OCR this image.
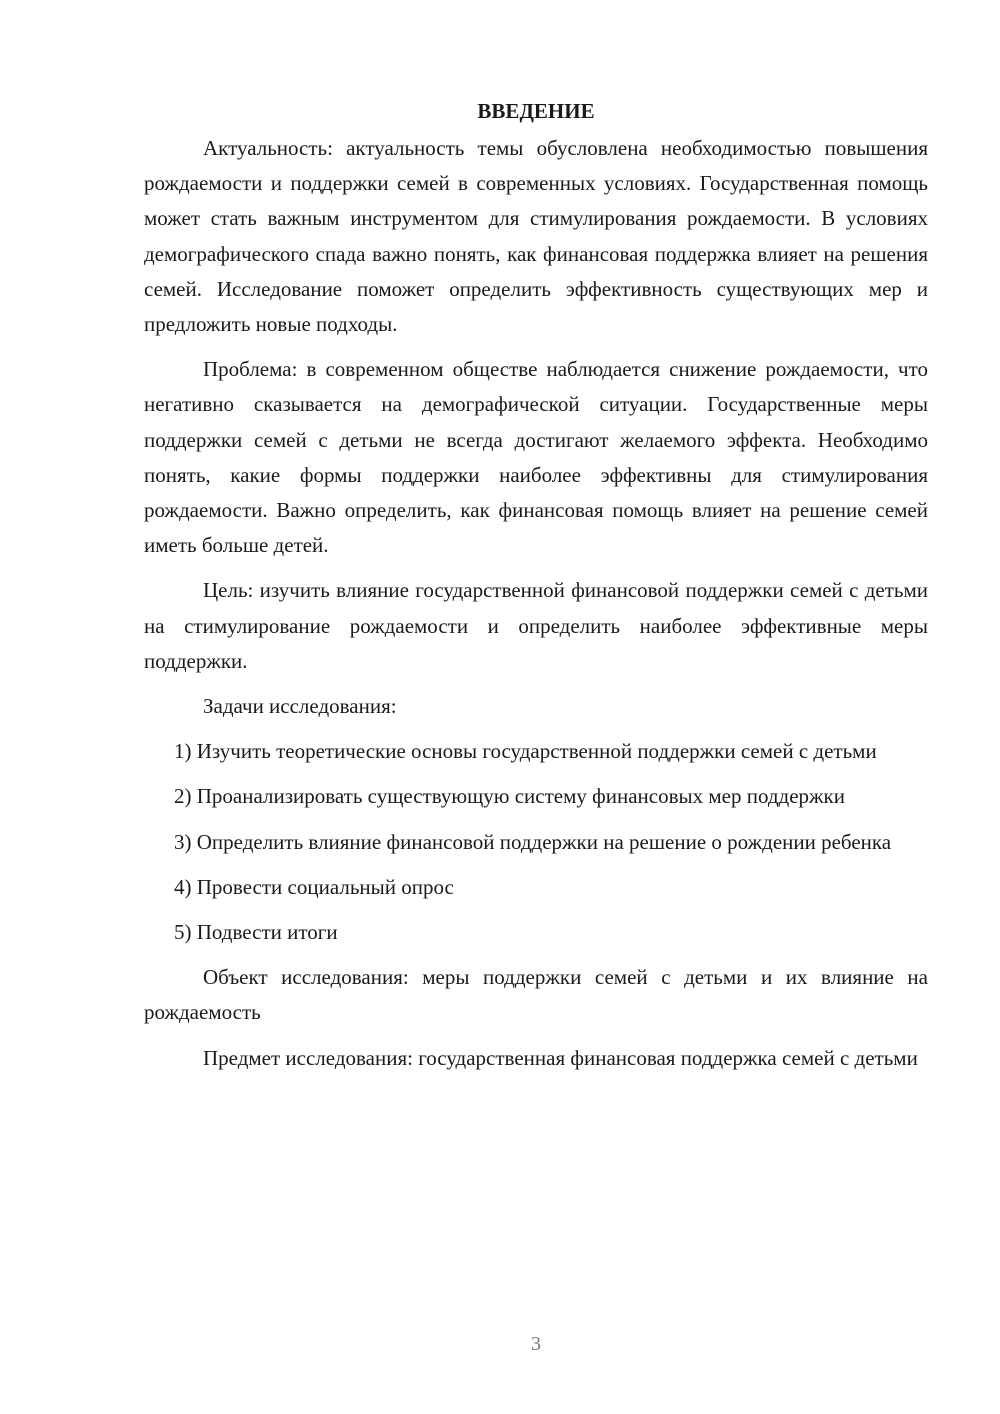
ВВЕДЕНИЕ

Актуальность: актуальность темы обусловлена необходимостью повышения рождаемости и поддержки семей в современных условиях. Государственная помощь может стать важным инструментом для стимулирования рождаемости. В условиях демографического спада важно понять, как финансовая поддержка влияет на решения семей. Исследование поможет определить эффективность существующих мер и предложить новые подходы.

Проблема: в современном обществе наблюдается снижение рождаемости, что негативно сказывается на демографической ситуации. Государственные меры поддержки семей с детьми не всегда достигают желаемого эффекта. Необходимо понять, какие формы поддержки наиболее эффективны для стимулирования рождаемости. Важно определить, как финансовая помощь влияет на решение семей иметь больше детей.

Цель: изучить влияние государственной финансовой поддержки семей с детьми на стимулирование рождаемости и определить наиболее эффективные меры поддержки.

Задачи исследования:

1) Изучить теоретические основы государственной поддержки семей с детьми

2) Проанализировать существующую систему финансовых мер поддержки

3) Определить влияние финансовой поддержки на решение о рождении ребенка

4) Провести социальный опрос

5) Подвести итоги

Объект исследования: меры поддержки семей с детьми и их влияние на рождаемость

Предмет исследования: государственная финансовая поддержка семей с детьми

3
